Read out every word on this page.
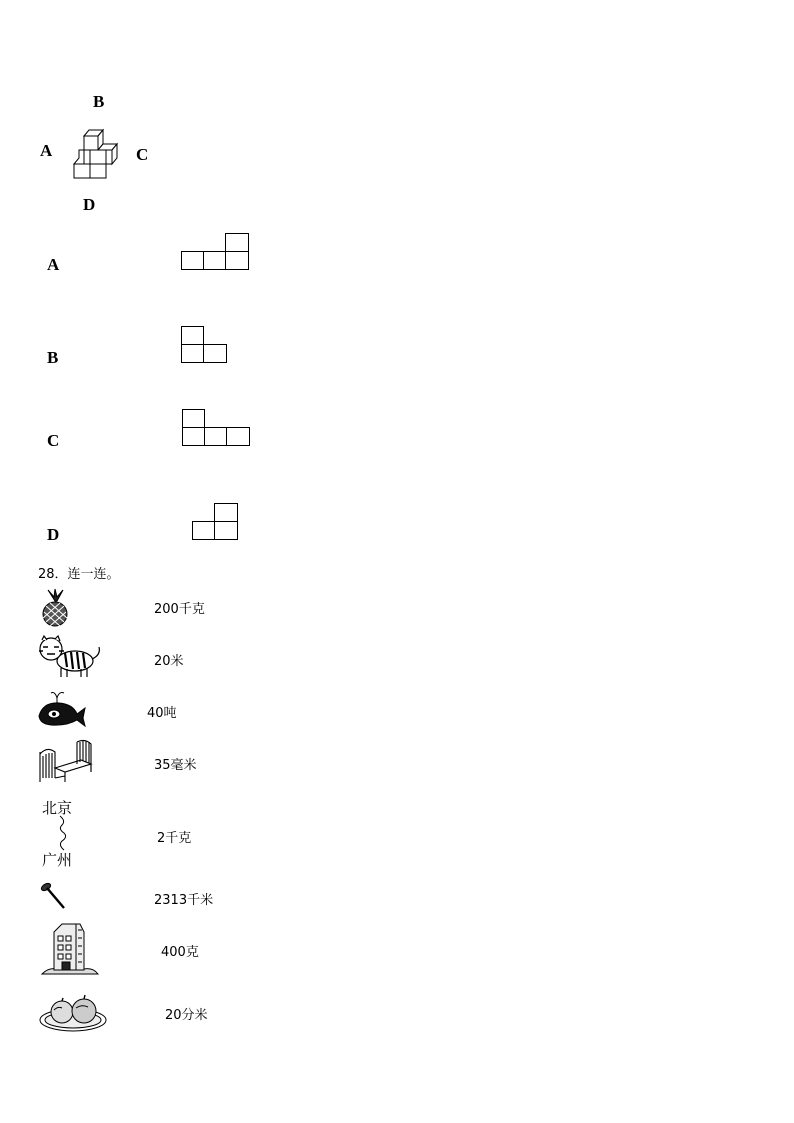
B
A	C
D
A
B
C
D
28．连一连。
200千克
20米
40吨
35毫米
北京
广州
2千克
2313千米
400克
20分米
